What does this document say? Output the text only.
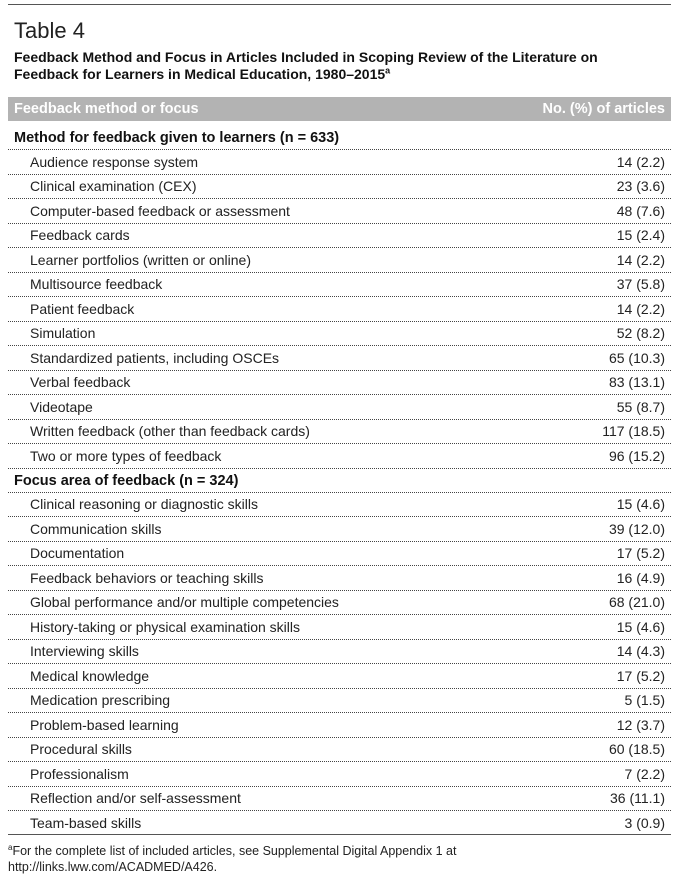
Table 4
Feedback Method and Focus in Articles Included in Scoping Review of the Literature on Feedback for Learners in Medical Education, 1980–2015$^a$
Feedback method or focus	No. (%) of articles
Method for feedback given to learners (n = 633)
Audience response system	14 (2.2)
Clinical examination (CEX)	23 (3.6)
Computer-based feedback or assessment	48 (7.6)
Feedback cards	15 (2.4)
Learner portfolios (written or online)	14 (2.2)
Multisource feedback	37 (5.8)
Patient feedback	14 (2.2)
Simulation	52 (8.2)
Standardized patients, including OSCEs	65 (10.3)
Verbal feedback	83 (13.1)
Videotape	55 (8.7)
Written feedback (other than feedback cards)	117 (18.5)
Two or more types of feedback	96 (15.2)
Focus area of feedback (n = 324)
Clinical reasoning or diagnostic skills	15 (4.6)
Communication skills	39 (12.0)
Documentation	17 (5.2)
Feedback behaviors or teaching skills	16 (4.9)
Global performance and/or multiple competencies	68 (21.0)
History-taking or physical examination skills	15 (4.6)
Interviewing skills	14 (4.3)
Medical knowledge	17 (5.2)
Medication prescribing	5 (1.5)
Problem-based learning	12 (3.7)
Procedural skills	60 (18.5)
Professionalism	7 (2.2)
Reflection and/or self-assessment	36 (11.1)
Team-based skills	3 (0.9)
$^a$For the complete list of included articles, see Supplemental Digital Appendix 1 at http://links.lww.com/ACADMED/A426.
